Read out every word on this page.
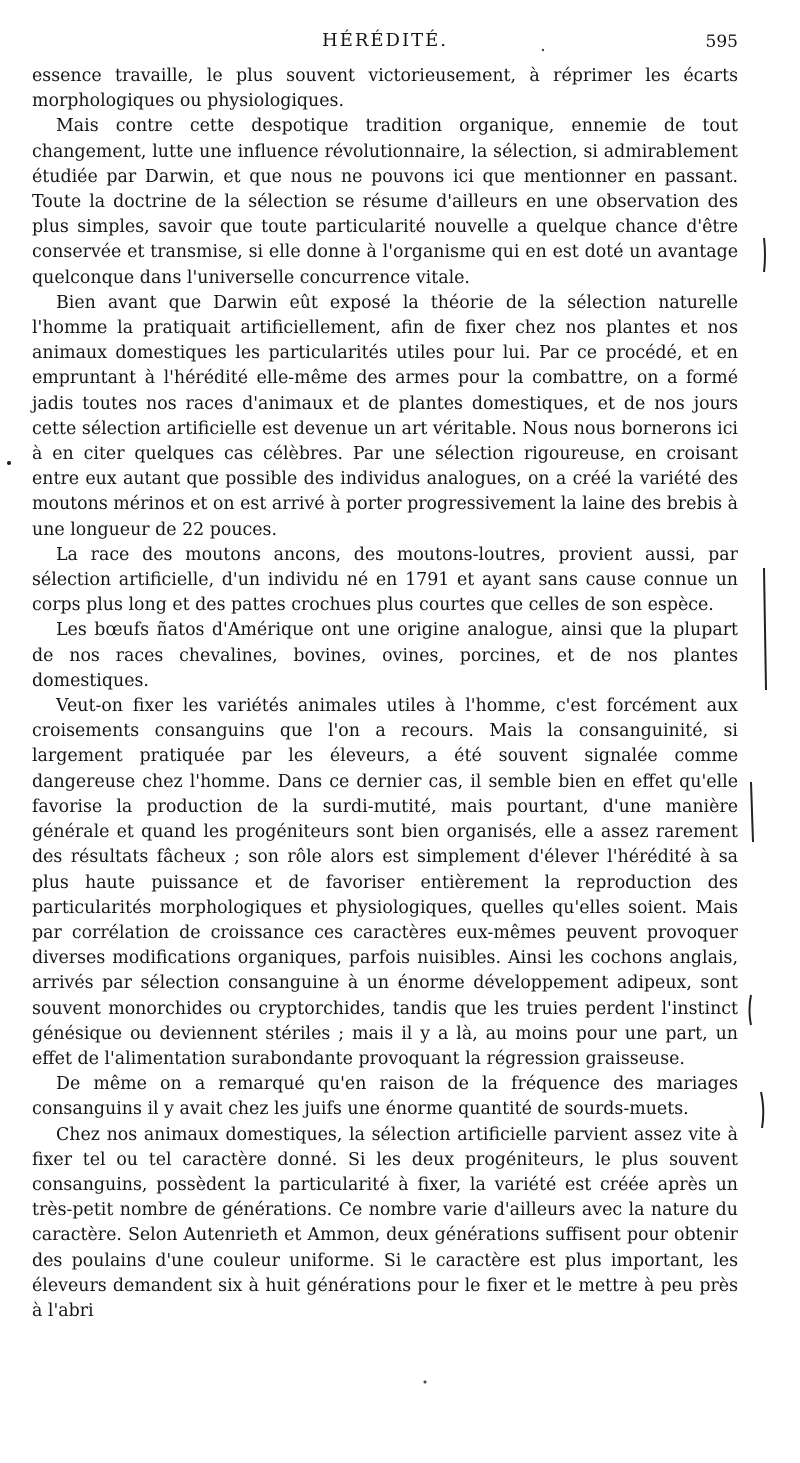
HÉRÉDITÉ.	595

essence travaille, le plus souvent victorieusement, à réprimer les écarts morphologiques ou physiologiques.

Mais contre cette despotique tradition organique, ennemie de tout changement, lutte une influence révolutionnaire, la sélection, si admirablement étudiée par Darwin, et que nous ne pouvons ici que mentionner en passant. Toute la doctrine de la sélection se résume d'ailleurs en une observation des plus simples, savoir que toute particularité nouvelle a quelque chance d'être conservée et transmise, si elle donne à l'organisme qui en est doté un avantage quelconque dans l'universelle concurrence vitale.

Bien avant que Darwin eût exposé la théorie de la sélection naturelle l'homme la pratiquait artificiellement, afin de fixer chez nos plantes et nos animaux domestiques les particularités utiles pour lui. Par ce procédé, et en empruntant à l'hérédité elle-même des armes pour la combattre, on a formé jadis toutes nos races d'animaux et de plantes domestiques, et de nos jours cette sélection artificielle est devenue un art véritable. Nous nous bornerons ici à en citer quelques cas célèbres. Par une sélection rigoureuse, en croisant entre eux autant que possible des individus analogues, on a créé la variété des moutons mérinos et on est arrivé à porter progressivement la laine des brebis à une longueur de 22 pouces.

La race des moutons ancons, des moutons-loutres, provient aussi, par sélection artificielle, d'un individu né en 1791 et ayant sans cause connue un corps plus long et des pattes crochues plus courtes que celles de son espèce.

Les bœufs ñatos d'Amérique ont une origine analogue, ainsi que la plupart de nos races chevalines, bovines, ovines, porcines, et de nos plantes domestiques.

Veut-on fixer les variétés animales utiles à l'homme, c'est forcément aux croisements consanguins que l'on a recours. Mais la consanguinité, si largement pratiquée par les éleveurs, a été souvent signalée comme dangereuse chez l'homme. Dans ce dernier cas, il semble bien en effet qu'elle favorise la production de la surdi-mutité, mais pourtant, d'une manière générale et quand les progéniteurs sont bien organisés, elle a assez rarement des résultats fâcheux ; son rôle alors est simplement d'élever l'hérédité à sa plus haute puissance et de favoriser entièrement la reproduction des particularités morphologiques et physiologiques, quelles qu'elles soient. Mais par corrélation de croissance ces caractères eux-mêmes peuvent provoquer diverses modifications organiques, parfois nuisibles. Ainsi les cochons anglais, arrivés par sélection consanguine à un énorme développement adipeux, sont souvent monorchides ou cryptorchides, tandis que les truies perdent l'instinct génésique ou deviennent stériles ; mais il y a là, au moins pour une part, un effet de l'alimentation surabondante provoquant la régression graisseuse.

De même on a remarqué qu'en raison de la fréquence des mariages consanguins il y avait chez les juifs une énorme quantité de sourds-muets.

Chez nos animaux domestiques, la sélection artificielle parvient assez vite à fixer tel ou tel caractère donné. Si les deux progéniteurs, le plus souvent consanguins, possèdent la particularité à fixer, la variété est créée après un très-petit nombre de générations. Ce nombre varie d'ailleurs avec la nature du caractère. Selon Autenrieth et Ammon, deux générations suffisent pour obtenir des poulains d'une couleur uniforme. Si le caractère est plus important, les éleveurs demandent six à huit générations pour le fixer et le mettre à peu près à l'abri
